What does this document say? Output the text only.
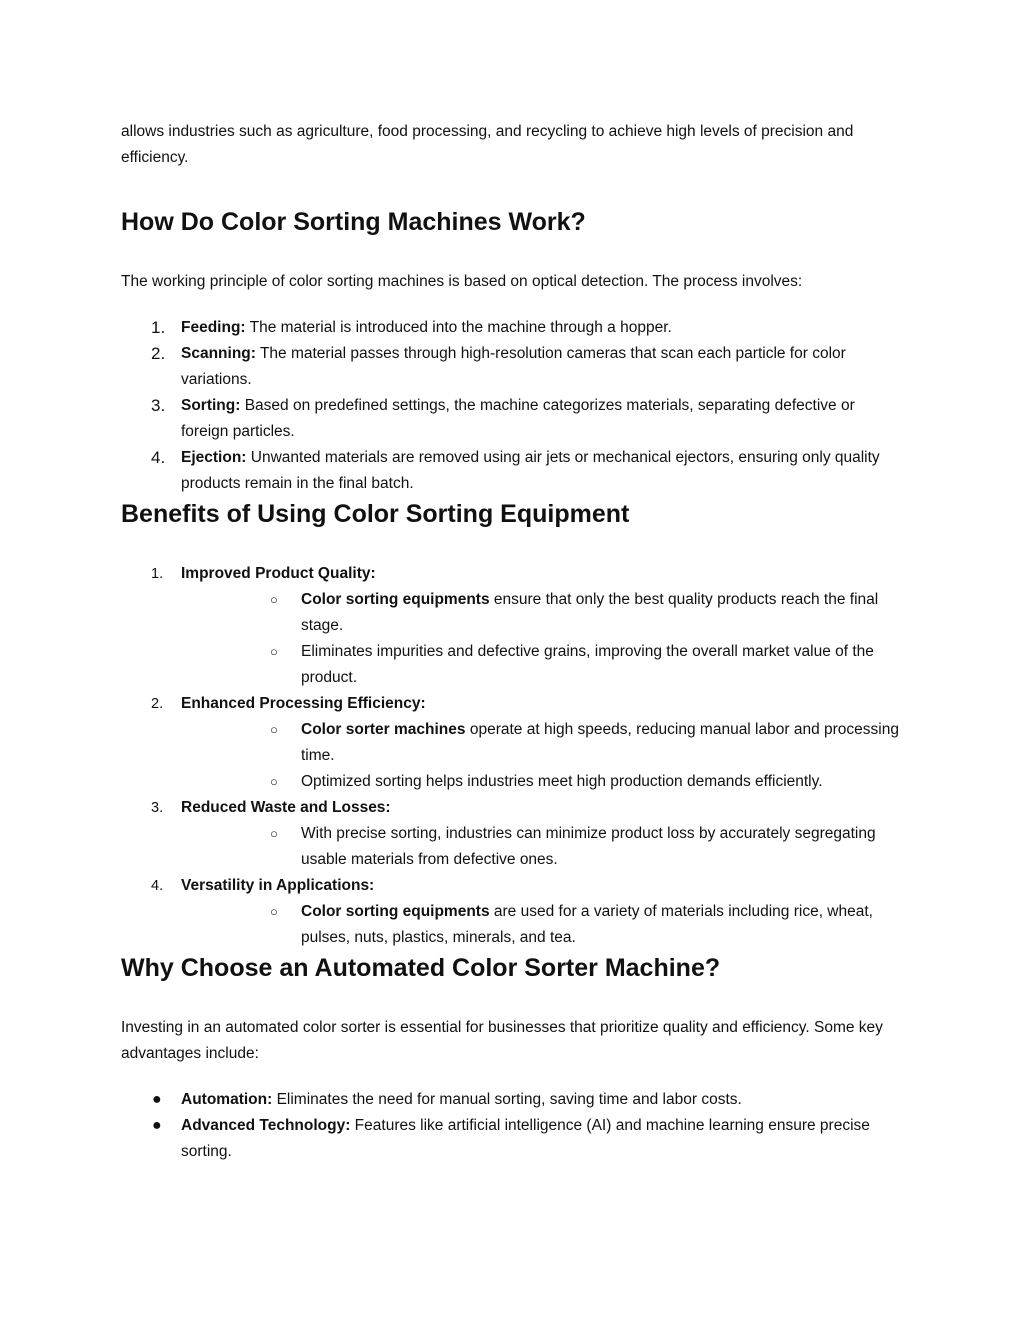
allows industries such as agriculture, food processing, and recycling to achieve high levels of precision and efficiency.

How Do Color Sorting Machines Work?

The working principle of color sorting machines is based on optical detection. The process involves:

1.	Feeding: The material is introduced into the machine through a hopper.
2.	Scanning: The material passes through high-resolution cameras that scan each particle for color variations.
3.	Sorting: Based on predefined settings, the machine categorizes materials, separating defective or foreign particles.
4.	Ejection: Unwanted materials are removed using air jets or mechanical ejectors, ensuring only quality products remain in the final batch.
Benefits of Using Color Sorting Equipment
1.	Improved Product Quality:
○ Color sorting equipments ensure that only the best quality products reach the final stage.
○ Eliminates impurities and defective grains, improving the overall market value of the product.
2.	Enhanced Processing Efficiency:
○ Color sorter machines operate at high speeds, reducing manual labor and processing time.
○ Optimized sorting helps industries meet high production demands efficiently.
3.	Reduced Waste and Losses:
○ With precise sorting, industries can minimize product loss by accurately segregating usable materials from defective ones.
4.	Versatility in Applications:
○ Color sorting equipments are used for a variety of materials including rice, wheat, pulses, nuts, plastics, minerals, and tea.
Why Choose an Automated Color Sorter Machine?

Investing in an automated color sorter is essential for businesses that prioritize quality and efficiency. Some key advantages include:

●	Automation: Eliminates the need for manual sorting, saving time and labor costs.
●	Advanced Technology: Features like artificial intelligence (AI) and machine learning ensure precise sorting.
